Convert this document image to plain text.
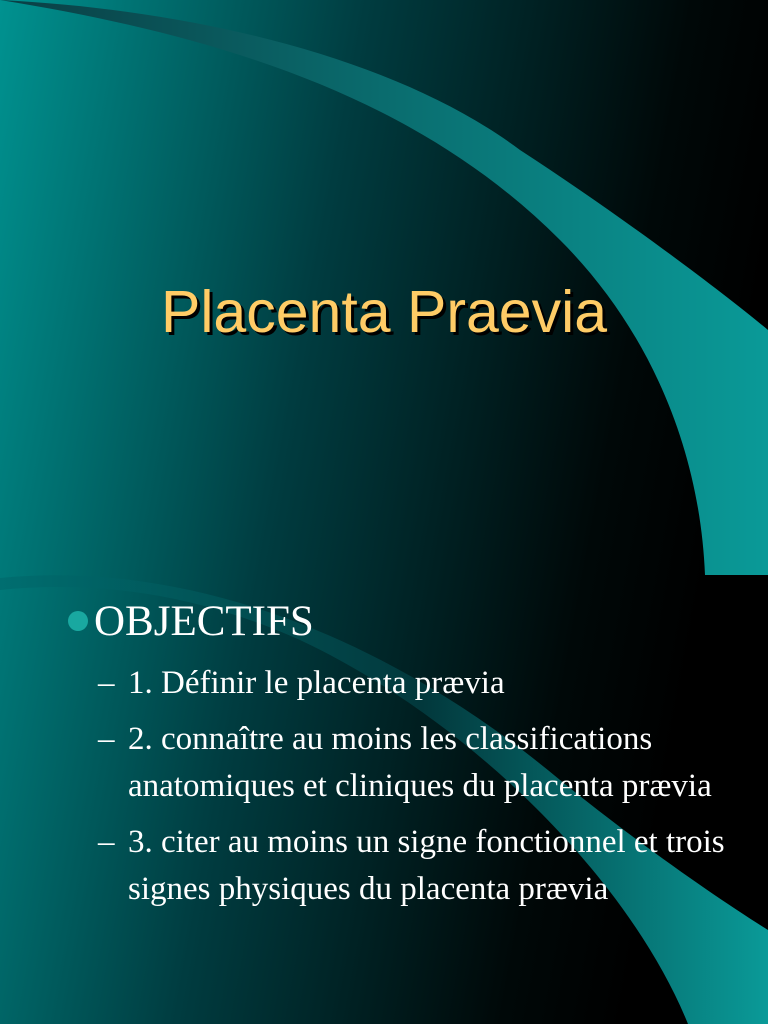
Placenta Praevia
OBJECTIFS
– 1. Définir le placenta prævia
– 2. connaître au moins les classifications anatomiques et cliniques du placenta prævia
– 3. citer au moins un signe fonctionnel et trois signes physiques du placenta prævia
